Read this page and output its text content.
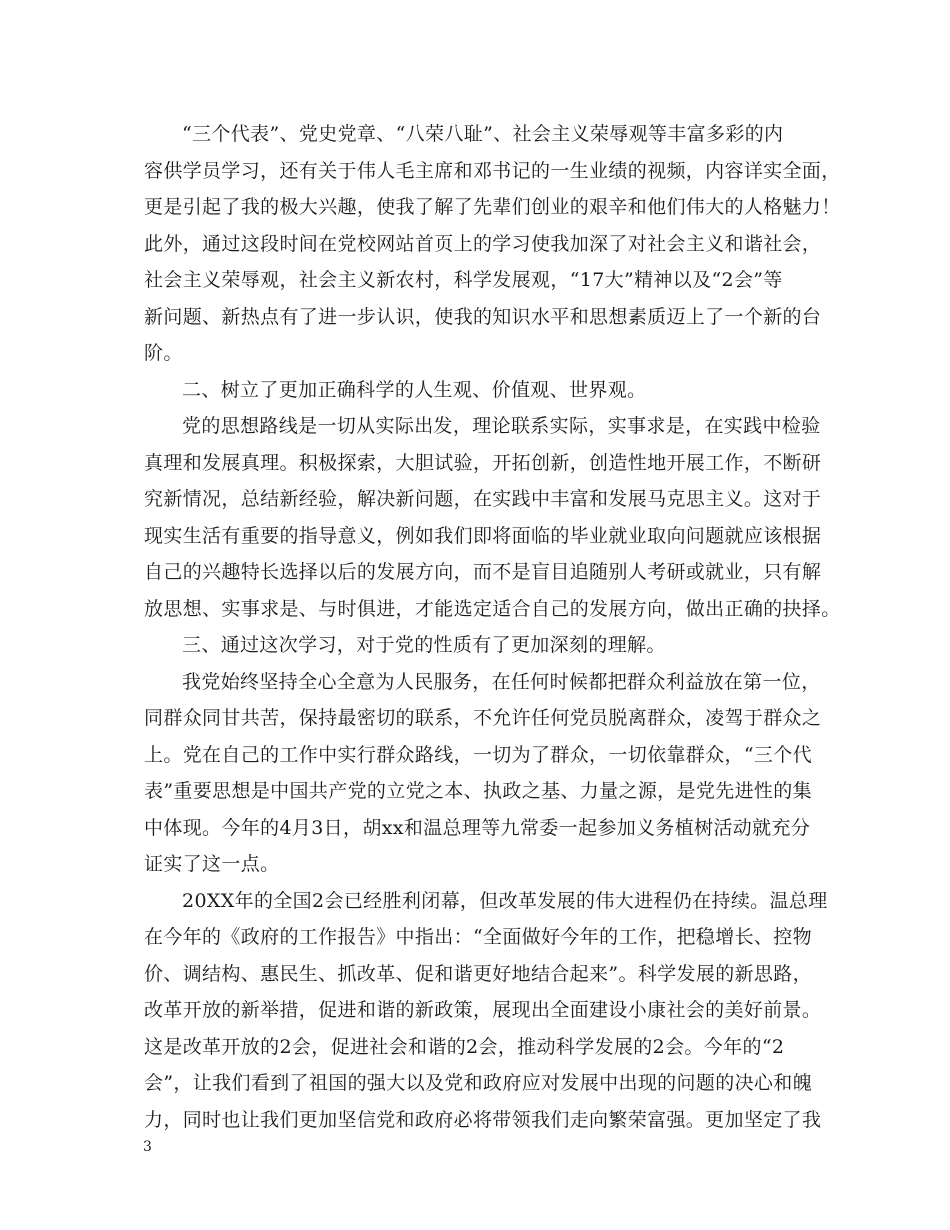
“三个代表”、党史党章、“八荣八耻”、社会主义荣辱观等丰富多彩的内
容供学员学习，还有关于伟人毛主席和邓书记的一生业绩的视频，内容详实全面，
更是引起了我的极大兴趣，使我了解了先辈们创业的艰辛和他们伟大的人格魅力！
此外，通过这段时间在党校网站首页上的学习使我加深了对社会主义和谐社会，
社会主义荣辱观，社会主义新农村，科学发展观，“17大”精神以及“2会”等
新问题、新热点有了进一步认识，使我的知识水平和思想素质迈上了一个新的台
阶。
二、树立了更加正确科学的人生观、价值观、世界观。
党的思想路线是一切从实际出发，理论联系实际，实事求是，在实践中检验
真理和发展真理。积极探索，大胆试验，开拓创新，创造性地开展工作，不断研
究新情况，总结新经验，解决新问题，在实践中丰富和发展马克思主义。这对于
现实生活有重要的指导意义，例如我们即将面临的毕业就业取向问题就应该根据
自己的兴趣特长选择以后的发展方向，而不是盲目追随别人考研或就业，只有解
放思想、实事求是、与时俱进，才能选定适合自己的发展方向，做出正确的抉择。
三、通过这次学习，对于党的性质有了更加深刻的理解。
我党始终坚持全心全意为人民服务，在任何时候都把群众利益放在第一位，
同群众同甘共苦，保持最密切的联系，不允许任何党员脱离群众，凌驾于群众之
上。党在自己的工作中实行群众路线，一切为了群众，一切依靠群众，“三个代
表”重要思想是中国共产党的立党之本、执政之基、力量之源，是党先进性的集
中体现。今年的4月3日，胡xx和温总理等九常委一起参加义务植树活动就充分
证实了这一点。
20XX年的全国2会已经胜利闭幕，但改革发展的伟大进程仍在持续。温总理
在今年的《政府的工作报告》中指出：“全面做好今年的工作，把稳增长、控物
价、调结构、惠民生、抓改革、促和谐更好地结合起来”。科学发展的新思路，
改革开放的新举措，促进和谐的新政策，展现出全面建设小康社会的美好前景。
这是改革开放的2会，促进社会和谐的2会，推动科学发展的2会。今年的“2
会”，让我们看到了祖国的强大以及党和政府应对发展中出现的问题的决心和魄
力，同时也让我们更加坚信党和政府必将带领我们走向繁荣富强。更加坚定了我
3
